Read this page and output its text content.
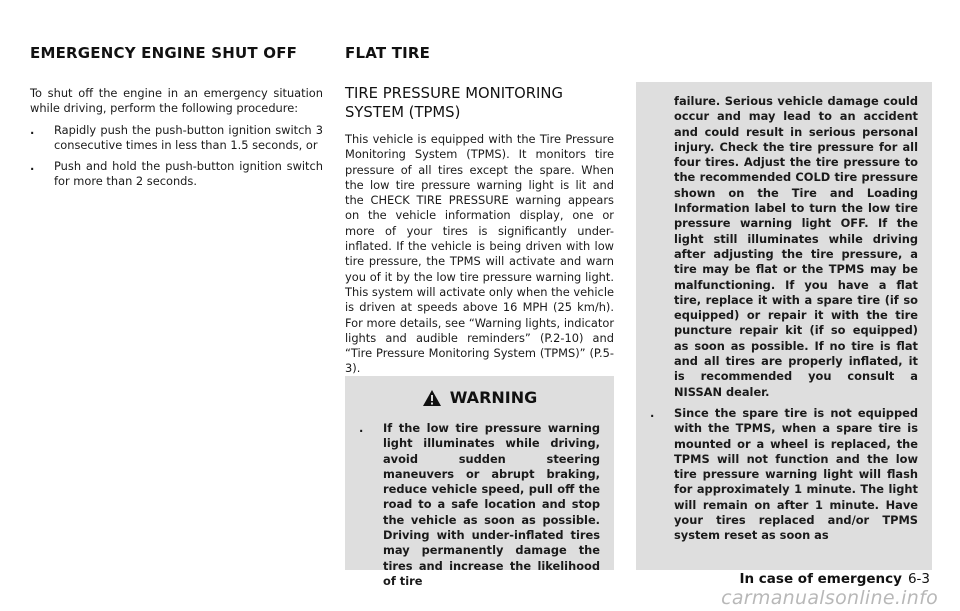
EMERGENCY ENGINE SHUT OFF	FLAT TIRE

To shut off the engine in an emergency situation while driving, perform the following procedure:

.	Rapidly push the push-button ignition switch 3 consecutive times in less than 1.5 seconds, or
.	Push and hold the push-button ignition switch for more than 2 seconds.
TIRE PRESSURE MONITORING SYSTEM (TPMS)

This vehicle is equipped with the Tire Pressure Monitoring System (TPMS). It monitors tire pressure of all tires except the spare. When the low tire pressure warning light is lit and the CHECK TIRE PRESSURE warning appears on the vehicle information display, one or more of your tires is significantly under-inflated. If the vehicle is being driven with low tire pressure, the TPMS will activate and warn you of it by the low tire pressure warning light. This system will activate only when the vehicle is driven at speeds above 16 MPH (25 km/h). For more details, see “Warning lights, indicator lights and audible reminders” (P.2-10) and “Tire Pressure Monitoring System (TPMS)” (P.5-3).

WARNING
.	If the low tire pressure warning light illuminates while driving, avoid sudden steering maneuvers or abrupt braking, reduce vehicle speed, pull off the road to a safe location and stop the vehicle as soon as possible. Driving with under-inflated tires may permanently damage the tires and increase the likelihood of tire
failure. Serious vehicle damage could occur and may lead to an accident and could result in serious personal injury. Check the tire pressure for all four tires. Adjust the tire pressure to the recommended COLD tire pressure shown on the Tire and Loading Information label to turn the low tire pressure warning light OFF. If the light still illuminates while driving after adjusting the tire pressure, a tire may be flat or the TPMS may be malfunctioning. If you have a flat tire, replace it with a spare tire (if so equipped) or repair it with the tire puncture repair kit (if so equipped) as soon as possible. If no tire is flat and all tires are properly inflated, it is recommended you consult a NISSAN dealer.
.	Since the spare tire is not equipped with the TPMS, when a spare tire is mounted or a wheel is replaced, the TPMS will not function and the low tire pressure warning light will flash for approximately 1 minute. The light will remain on after 1 minute. Have your tires replaced and/or TPMS system reset as soon as
In case of emergency 6-3
carmanualsonline.info
